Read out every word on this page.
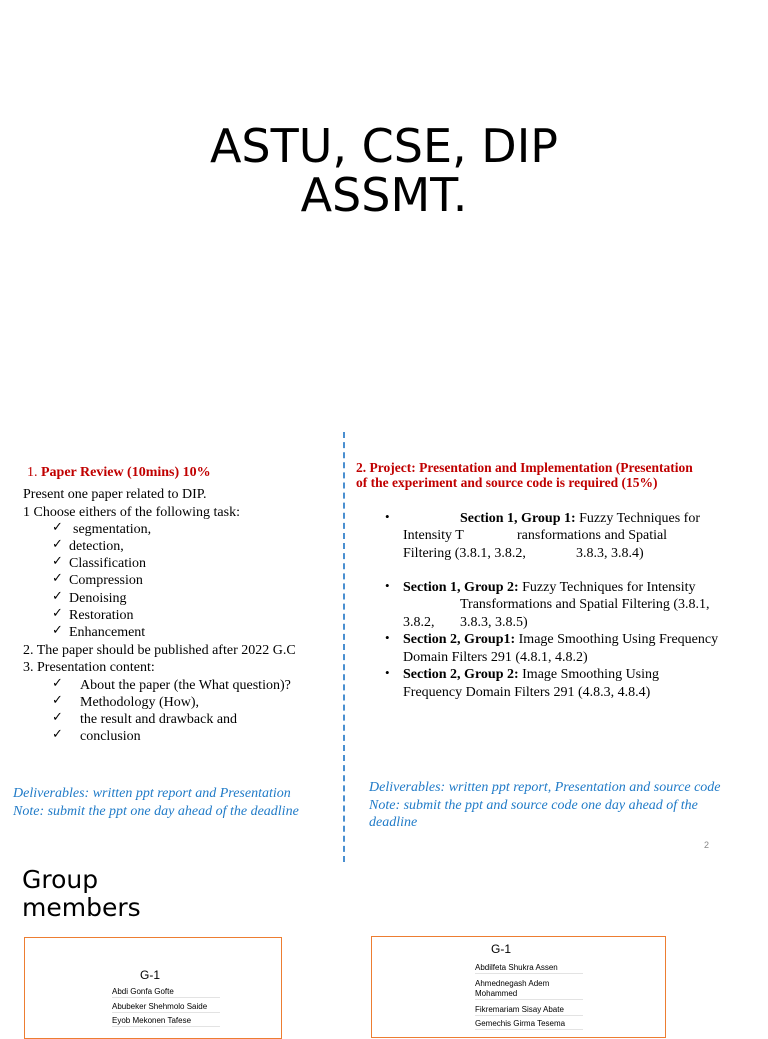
ASTU, CSE, DIP
ASSMT.
1. Paper Review (10mins) 10%
Present one paper related to DIP.
1 Choose eithers of the following task:
✓ segmentation,
✓ detection,
✓ Classification
✓ Compression
✓ Denoising
✓ Restoration
✓ Enhancement
2. The paper should be published after 2022 G.C
3. Presentation content:
✓ About the paper (the What question)?
✓ Methodology (How),
✓ the result and drawback and
✓ conclusion
Deliverables: written ppt report and Presentation
Note: submit the ppt one day ahead of the deadline
2. Project: Presentation and Implementation (Presentation
of the experiment and source code is required (15%)
•	Section 1, Group 1: Fuzzy Techniques for
Intensity T	ransformations and Spatial
Filtering (3.8.1, 3.8.2,	3.8.3, 3.8.4)
• Section 1, Group 2: Fuzzy Techniques for Intensity
Transformations and Spatial Filtering (3.8.1,
3.8.2, 3.8.3, 3.8.5)
• Section 2, Group1: Image Smoothing Using Frequency
Domain Filters 291 (4.8.1, 4.8.2)
• Section 2, Group 2: Image Smoothing Using
Frequency Domain Filters 291 (4.8.3, 4.8.4)
Deliverables: written ppt report, Presentation and source code
Note: submit the ppt and source code one day ahead of the
deadline
2
Group
members
G-1
Abdi Gonfa Gofte
Abubeker Shehmolo Saide
Eyob Mekonen Tafese
G-1
Abdilfeta Shukra Assen
Ahmednegash Adem
Mohammed
Fikremariam Sisay Abate
Gemechis Girma Tesema
